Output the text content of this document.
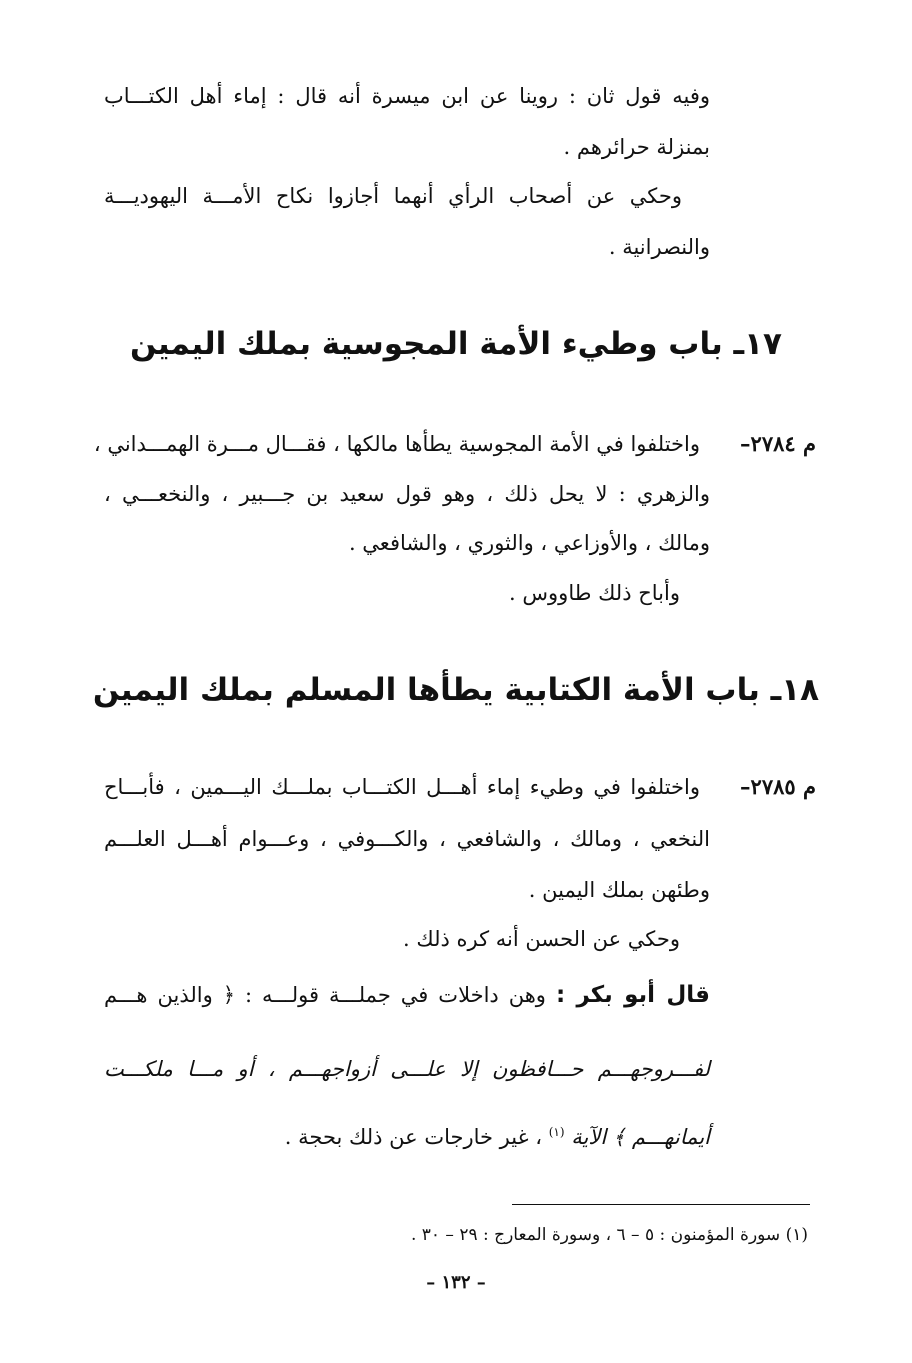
وفيه قول ثان : روينا عن ابن ميسرة أنه قال : إماء أهل الكتـــاب
بمنزلة حرائرهم .
وحكي عن أصحاب الرأي أنهما أجازوا نكاح الأمـــة اليهوديـــة
والنصرانية .
١٧ـ باب وطيء الأمة المجوسية بملك اليمين
م ٢٧٨٤–
واختلفوا في الأمة المجوسية يطأها مالكها ، فقـــال مـــرة الهمـــداني ،
والزهري : لا يحل ذلك ، وهو قول سعيد بن جـــبير ، والنخعـــي ،
ومالك ، والأوزاعي ، والثوري ، والشافعي .
وأباح ذلك طاووس .
١٨ـ باب الأمة الكتابية يطأها المسلم بملك اليمين
م ٢٧٨٥–
واختلفوا في وطيء إماء أهـــل الكتـــاب بملـــك اليـــمين ، فأبـــاح
النخعي ، ومالك ، والشافعي ، والكـــوفي ، وعـــوام أهـــل العلـــم
وطئهن بملك اليمين .
وحكي عن الحسن أنه كره ذلك .
قال أبو بكر : وهن داخلات في جملـــة قولـــه : ﴿ والذين هـــم
لفـــروجهـــم حـــافظون إلا علـــى أزواجهـــم ، أو مـــا ملكـــت
أيمانهـــم ﴾ الآية $^{(١)}$ ، غير خارجات عن ذلك بحجة .
(١) سورة المؤمنون : ٥ – ٦ ، وسورة المعارج : ٢٩ – ٣٠ .
– ١٣٢ –
